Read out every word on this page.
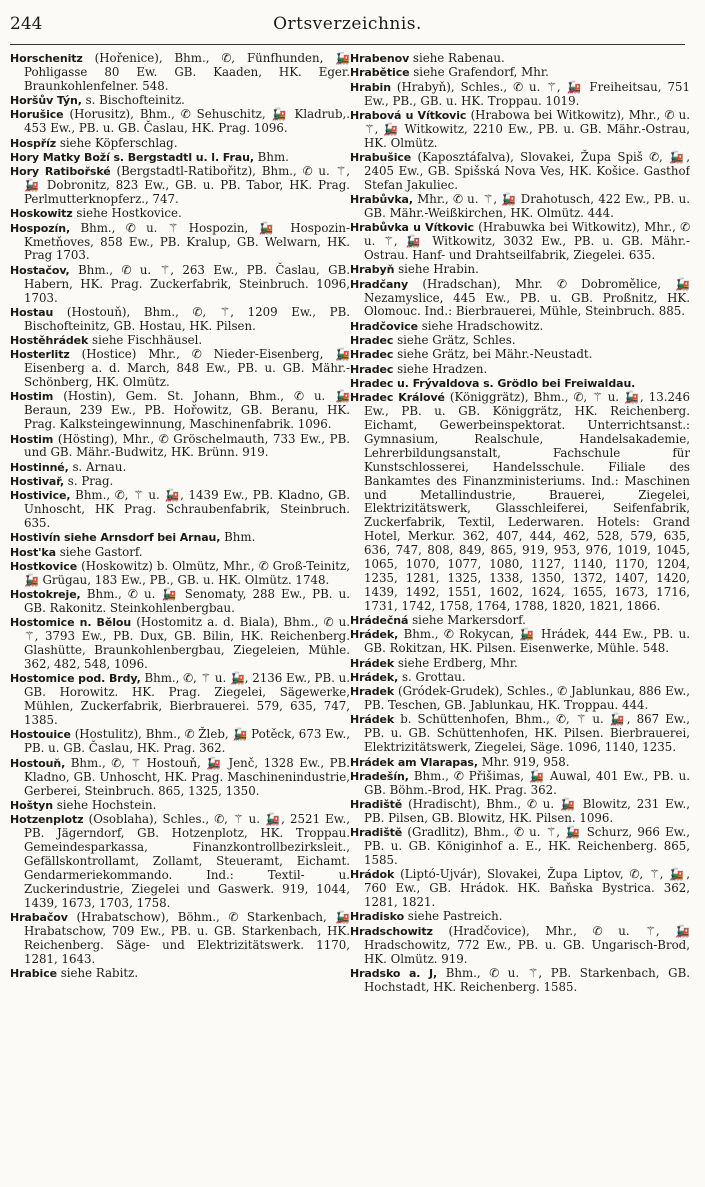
244	Ortsverzeichnis.

Horschenitz (Hořenice), Bhm., ✆, Fünfhunden, 🚂 Pohligasse 80 Ew. GB. Kaaden, HK. Eger. Braunkohlenfelner. 548.

Horšův Týn, s. Bischofteinitz.

Horušice (Horusitz), Bhm., ✆ Sehuschitz, 🚂 Kladrub,. 453 Ew., PB. u. GB. Časlau, HK. Prag. 1096.

Hospříz siehe Köpferschlag.

Hory Matky Boží s. Bergstadtl u. l. Frau, Bhm.

Hory Ratibořské (Bergstadtl-Ratibořitz), Bhm., ✆ u. ⚚, 🚂 Dobronitz, 823 Ew., GB. u. PB. Tabor, HK. Prag. Perlmutterknopferz., 747.

Hoskowitz siehe Hostkovice.

Hospozín, Bhm., ✆ u. ⚚ Hospozin, 🚂 Hospozin-Kmetňoves, 858 Ew., PB. Kralup, GB. Welwarn, HK. Prag 1703.

Hostačov, Bhm., ✆ u. ⚚, 263 Ew., PB. Časlau, GB. Habern, HK. Prag. Zuckerfabrik, Steinbruch. 1096, 1703.

Hostau (Hostouň), Bhm., ✆, ⚚, 1209 Ew., PB. Bischofteinitz, GB. Hostau, HK. Pilsen.

Hostěhrádek siehe Fischhäusel.

Hosterlitz (Hostice) Mhr., ✆ Nieder-Eisenberg, 🚂 Eisenberg a. d. March, 848 Ew., PB. u. GB. Mähr.-Schönberg, HK. Olmütz.

Hostim (Hostin), Gem. St. Johann, Bhm., ✆ u. 🚂 Beraun, 239 Ew., PB. Hořowitz, GB. Beranu, HK. Prag. Kalksteingewinnung, Maschinenfabrik. 1096.

Hostim (Hösting), Mhr., ✆ Gröschelmauth, 733 Ew., PB. und GB. Mähr.-Budwitz, HK. Brünn. 919.

Hostinné, s. Arnau.

Hostivař, s. Prag.

Hostivice, Bhm., ✆, ⚚ u. 🚂, 1439 Ew., PB. Kladno, GB. Unhoscht, HK Prag. Schraubenfabrik, Steinbruch. 635.

Hostivín siehe Arnsdorf bei Arnau, Bhm.

Host'ka siehe Gastorf.

Hostkovice (Hoskowitz) b. Olmütz, Mhr., ✆ Groß-Teinitz, 🚂 Grügau, 183 Ew., PB., GB. u. HK. Olmütz. 1748.

Hostokreje, Bhm., ✆ u. 🚂 Senomaty, 288 Ew., PB. u. GB. Rakonitz. Steinkohlenbergbau.

Hostomice n. Bělou (Hostomitz a. d. Biala), Bhm., ✆ u. ⚚, 3793 Ew., PB. Dux, GB. Bilin, HK. Reichenberg. Glashütte, Braunkohlenbergbau, Ziegeleien, Mühle. 362, 482, 548, 1096.

Hostomice pod. Brdy, Bhm., ✆, ⚚ u. 🚂, 2136 Ew., PB. u. GB. Horowitz. HK. Prag. Ziegelei, Sägewerke, Mühlen, Zuckerfabrik, Bierbrauerei. 579, 635, 747, 1385.

Hostouice (Hostulitz), Bhm., ✆ Žleb, 🚂 Potěck, 673 Ew., PB. u. GB. Časlau, HK. Prag. 362.

Hostouň, Bhm., ✆, ⚚ Hostouň, 🚂 Jenč, 1328 Ew., PB. Kladno, GB. Unhoscht, HK. Prag. Maschinenindustrie, Gerberei, Steinbruch. 865, 1325, 1350.

Hoštyn siehe Hochstein.

Hotzenplotz (Osoblaha), Schles., ✆, ⚚ u. 🚂, 2521 Ew., PB. Jägerndorf, GB. Hotzenplotz, HK. Troppau. Gemeindesparkassa, Finanzkontrollbezirksleit., Gefällskontrollamt, Zollamt, Steueramt, Eichamt. Gendarmeriekommando. Ind.: Textil- u. Zuckerindustrie, Ziegelei und Gaswerk. 919, 1044, 1439, 1673, 1703, 1758.

Hrabačov (Hrabatschow), Böhm., ✆ Starkenbach, 🚂 Hrabatschow, 709 Ew., PB. u. GB. Starkenbach, HK. Reichenberg. Säge- und Elektrizitätswerk. 1170, 1281, 1643.

Hrabice siehe Rabitz.

Hrabenov siehe Rabenau.

Hrabětice siehe Grafendorf, Mhr.

Hrabin (Hrabyň), Schles., ✆ u. ⚚, 🚂 Freiheitsau, 751 Ew., PB., GB. u. HK. Troppau. 1019.

Hrabová u Vítkovic (Hrabowa bei Witkowitz), Mhr., ✆ u. ⚚, 🚂 Witkowitz, 2210 Ew., PB. u. GB. Mähr.-Ostrau, HK. Olmütz.

Hrabušice (Kaposztáfalva), Slovakei, Župa Spiš ✆, 🚂, 2405 Ew., GB. Spišská Nova Ves, HK. Košice. Gasthof Stefan Jakuliec.

Hrabůvka, Mhr., ✆ u. ⚚, 🚂 Drahotusch, 422 Ew., PB. u. GB. Mähr.-Weißkirchen, HK. Olmütz. 444.

Hrabůvka u Vítkovic (Hrabuwka bei Witkowitz), Mhr., ✆ u. ⚚, 🚂 Witkowitz, 3032 Ew., PB. u. GB. Mähr.-Ostrau. Hanf- und Drahtseilfabrik, Ziegelei. 635.

Hrabyň siehe Hrabin.

Hradčany (Hradschan), Mhr. ✆ Dobromělice, 🚂 Nezamyslice, 445 Ew., PB. u. GB. Proßnitz, HK. Olomouc. Ind.: Bierbrauerei, Mühle, Steinbruch. 885.

Hradčovice siehe Hradschowitz.

Hradec siehe Grätz, Schles.

Hradec siehe Grätz, bei Mähr.-Neustadt.

Hradec siehe Hradzen.

Hradec u. Frývaldova s. Grödlo bei Freiwaldau.

Hradec Králové (Königgrätz), Bhm., ✆, ⚚ u. 🚂, 13.246 Ew., PB. u. GB. Königgrätz, HK. Reichenberg. Eichamt, Gewerbeinspektorat. Unterrichtsanst.: Gymnasium, Realschule, Handelsakademie, Lehrerbildungsanstalt, Fachschule für Kunstschlosserei, Handelsschule. Filiale des Bankamtes des Finanzministeriums. Ind.: Maschinen und Metallindustrie, Brauerei, Ziegelei, Elektrizitätswerk, Glasschleiferei, Seifenfabrik, Zuckerfabrik, Textil, Lederwaren. Hotels: Grand Hotel, Merkur. 362, 407, 444, 462, 528, 579, 635, 636, 747, 808, 849, 865, 919, 953, 976, 1019, 1045, 1065, 1070, 1077, 1080, 1127, 1140, 1170, 1204, 1235, 1281, 1325, 1338, 1350, 1372, 1407, 1420, 1439, 1492, 1551, 1602, 1624, 1655, 1673, 1716, 1731, 1742, 1758, 1764, 1788, 1820, 1821, 1866.

Hrádečná siehe Markersdorf.

Hrádek, Bhm., ✆ Rokycan, 🚂 Hrádek, 444 Ew., PB. u. GB. Rokitzan, HK. Pilsen. Eisenwerke, Mühle. 548.

Hrádek siehe Erdberg, Mhr.

Hrádek, s. Grottau.

Hradek (Gródek-Grudek), Schles., ✆ Jablunkau, 886 Ew., PB. Teschen, GB. Jablunkau, HK. Troppau. 444.

Hrádek b. Schüttenhofen, Bhm., ✆, ⚚ u. 🚂, 867 Ew., PB. u. GB. Schüttenhofen, HK. Pilsen. Bierbrauerei, Elektrizitätswerk, Ziegelei, Säge. 1096, 1140, 1235.

Hrádek am Vlarapas, Mhr. 919, 958.

Hradešín, Bhm., ✆ Přišimas, 🚂 Auwal, 401 Ew., PB. u. GB. Böhm.-Brod, HK. Prag. 362.

Hradiště (Hradischt), Bhm., ✆ u. 🚂 Blowitz, 231 Ew., PB. Pilsen, GB. Blowitz, HK. Pilsen. 1096.

Hradiště (Gradlitz), Bhm., ✆ u. ⚚, 🚂 Schurz, 966 Ew., PB. u. GB. Königinhof a. E., HK. Reichenberg. 865, 1585.

Hrádok (Liptó-Ujvár), Slovakei, Župa Liptov, ✆, ⚚, 🚂, 760 Ew., GB. Hrádok. HK. Baňska Bystrica. 362, 1281, 1821.

Hradisko siehe Pastreich.

Hradschowitz (Hradčovice), Mhr., ✆ u. ⚚, 🚂 Hradschowitz, 772 Ew., PB. u. GB. Ungarisch-Brod, HK. Olmütz. 919.

Hradsko a. J, Bhm., ✆ u. ⚚, PB. Starkenbach, GB. Hochstadt, HK. Reichenberg. 1585.
